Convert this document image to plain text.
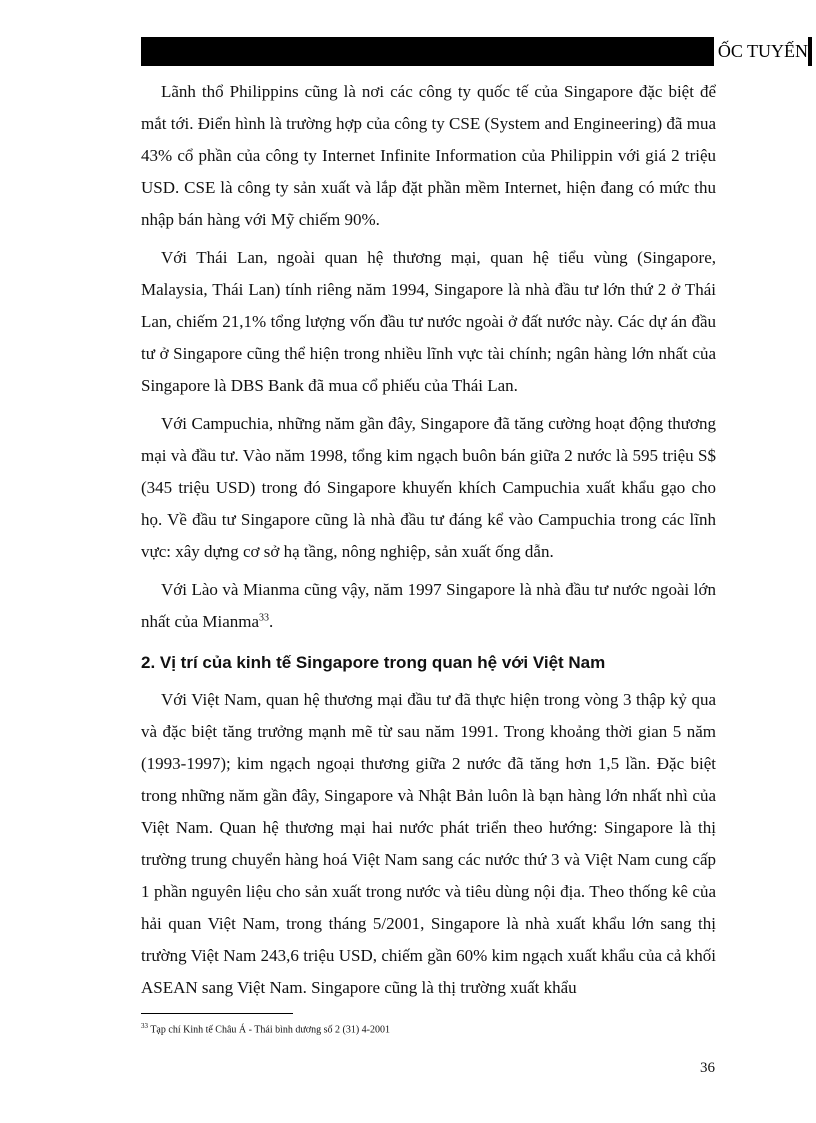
ỐC TUYẾN

Lãnh thổ Philippins cũng là nơi các công ty quốc tế của Singapore đặc biệt để mắt tới. Điển hình là trường hợp của công ty CSE (System and Engineering) đã mua 43% cổ phần của công ty Internet Infinite Information của Philippin với giá 2 triệu USD. CSE là công ty sản xuất và lắp đặt phần mềm Internet, hiện đang có mức thu nhập bán hàng với Mỹ chiếm 90%.

Với Thái Lan, ngoài quan hệ thương mại, quan hệ tiểu vùng (Singapore, Malaysia, Thái Lan) tính riêng năm 1994, Singapore là nhà đầu tư lớn thứ 2 ở Thái Lan, chiếm 21,1% tổng lượng vốn đầu tư nước ngoài ở đất nước này. Các dự án đầu tư ở Singapore cũng thể hiện trong nhiều lĩnh vực tài chính; ngân hàng lớn nhất của Singapore là DBS Bank đã mua cổ phiếu của Thái Lan.

Với Campuchia, những năm gần đây, Singapore đã tăng cường hoạt động thương mại và đầu tư. Vào năm 1998, tổng kim ngạch buôn bán giữa 2 nước là 595 triệu S$ (345 triệu USD) trong đó Singapore khuyến khích Campuchia xuất khẩu gạo cho họ. Về đầu tư Singapore cũng là nhà đầu tư đáng kể vào Campuchia trong các lĩnh vực: xây dựng cơ sở hạ tầng, nông nghiệp, sản xuất ống dẫn.

Với Lào và Mianma cũng vậy, năm 1997 Singapore là nhà đầu tư nước ngoài lớn nhất của Mianma$^{33}$.

2. Vị trí của kinh tế Singapore trong quan hệ với Việt Nam

Với Việt Nam, quan hệ thương mại đầu tư đã thực hiện trong vòng 3 thập kỷ qua và đặc biệt tăng trưởng mạnh mẽ từ sau năm 1991. Trong khoảng thời gian 5 năm (1993-1997); kim ngạch ngoại thương giữa 2 nước đã tăng hơn 1,5 lần. Đặc biệt trong những năm gần đây, Singapore và Nhật Bản luôn là bạn hàng lớn nhất nhì của Việt Nam. Quan hệ thương mại hai nước phát triển theo hướng: Singapore là thị trường trung chuyển hàng hoá Việt Nam sang các nước thứ 3 và Việt Nam cung cấp 1 phần nguyên liệu cho sản xuất trong nước và tiêu dùng nội địa. Theo thống kê của hải quan Việt Nam, trong tháng 5/2001, Singapore là nhà xuất khẩu lớn sang thị trường Việt Nam 243,6 triệu USD, chiếm gần 60% kim ngạch xuất khẩu của cả khối ASEAN sang Việt Nam. Singapore cũng là thị trường xuất khẩu

$^{33}$ Tạp chí Kinh tế Châu Á - Thái bình dương số 2 (31) 4-2001
36
